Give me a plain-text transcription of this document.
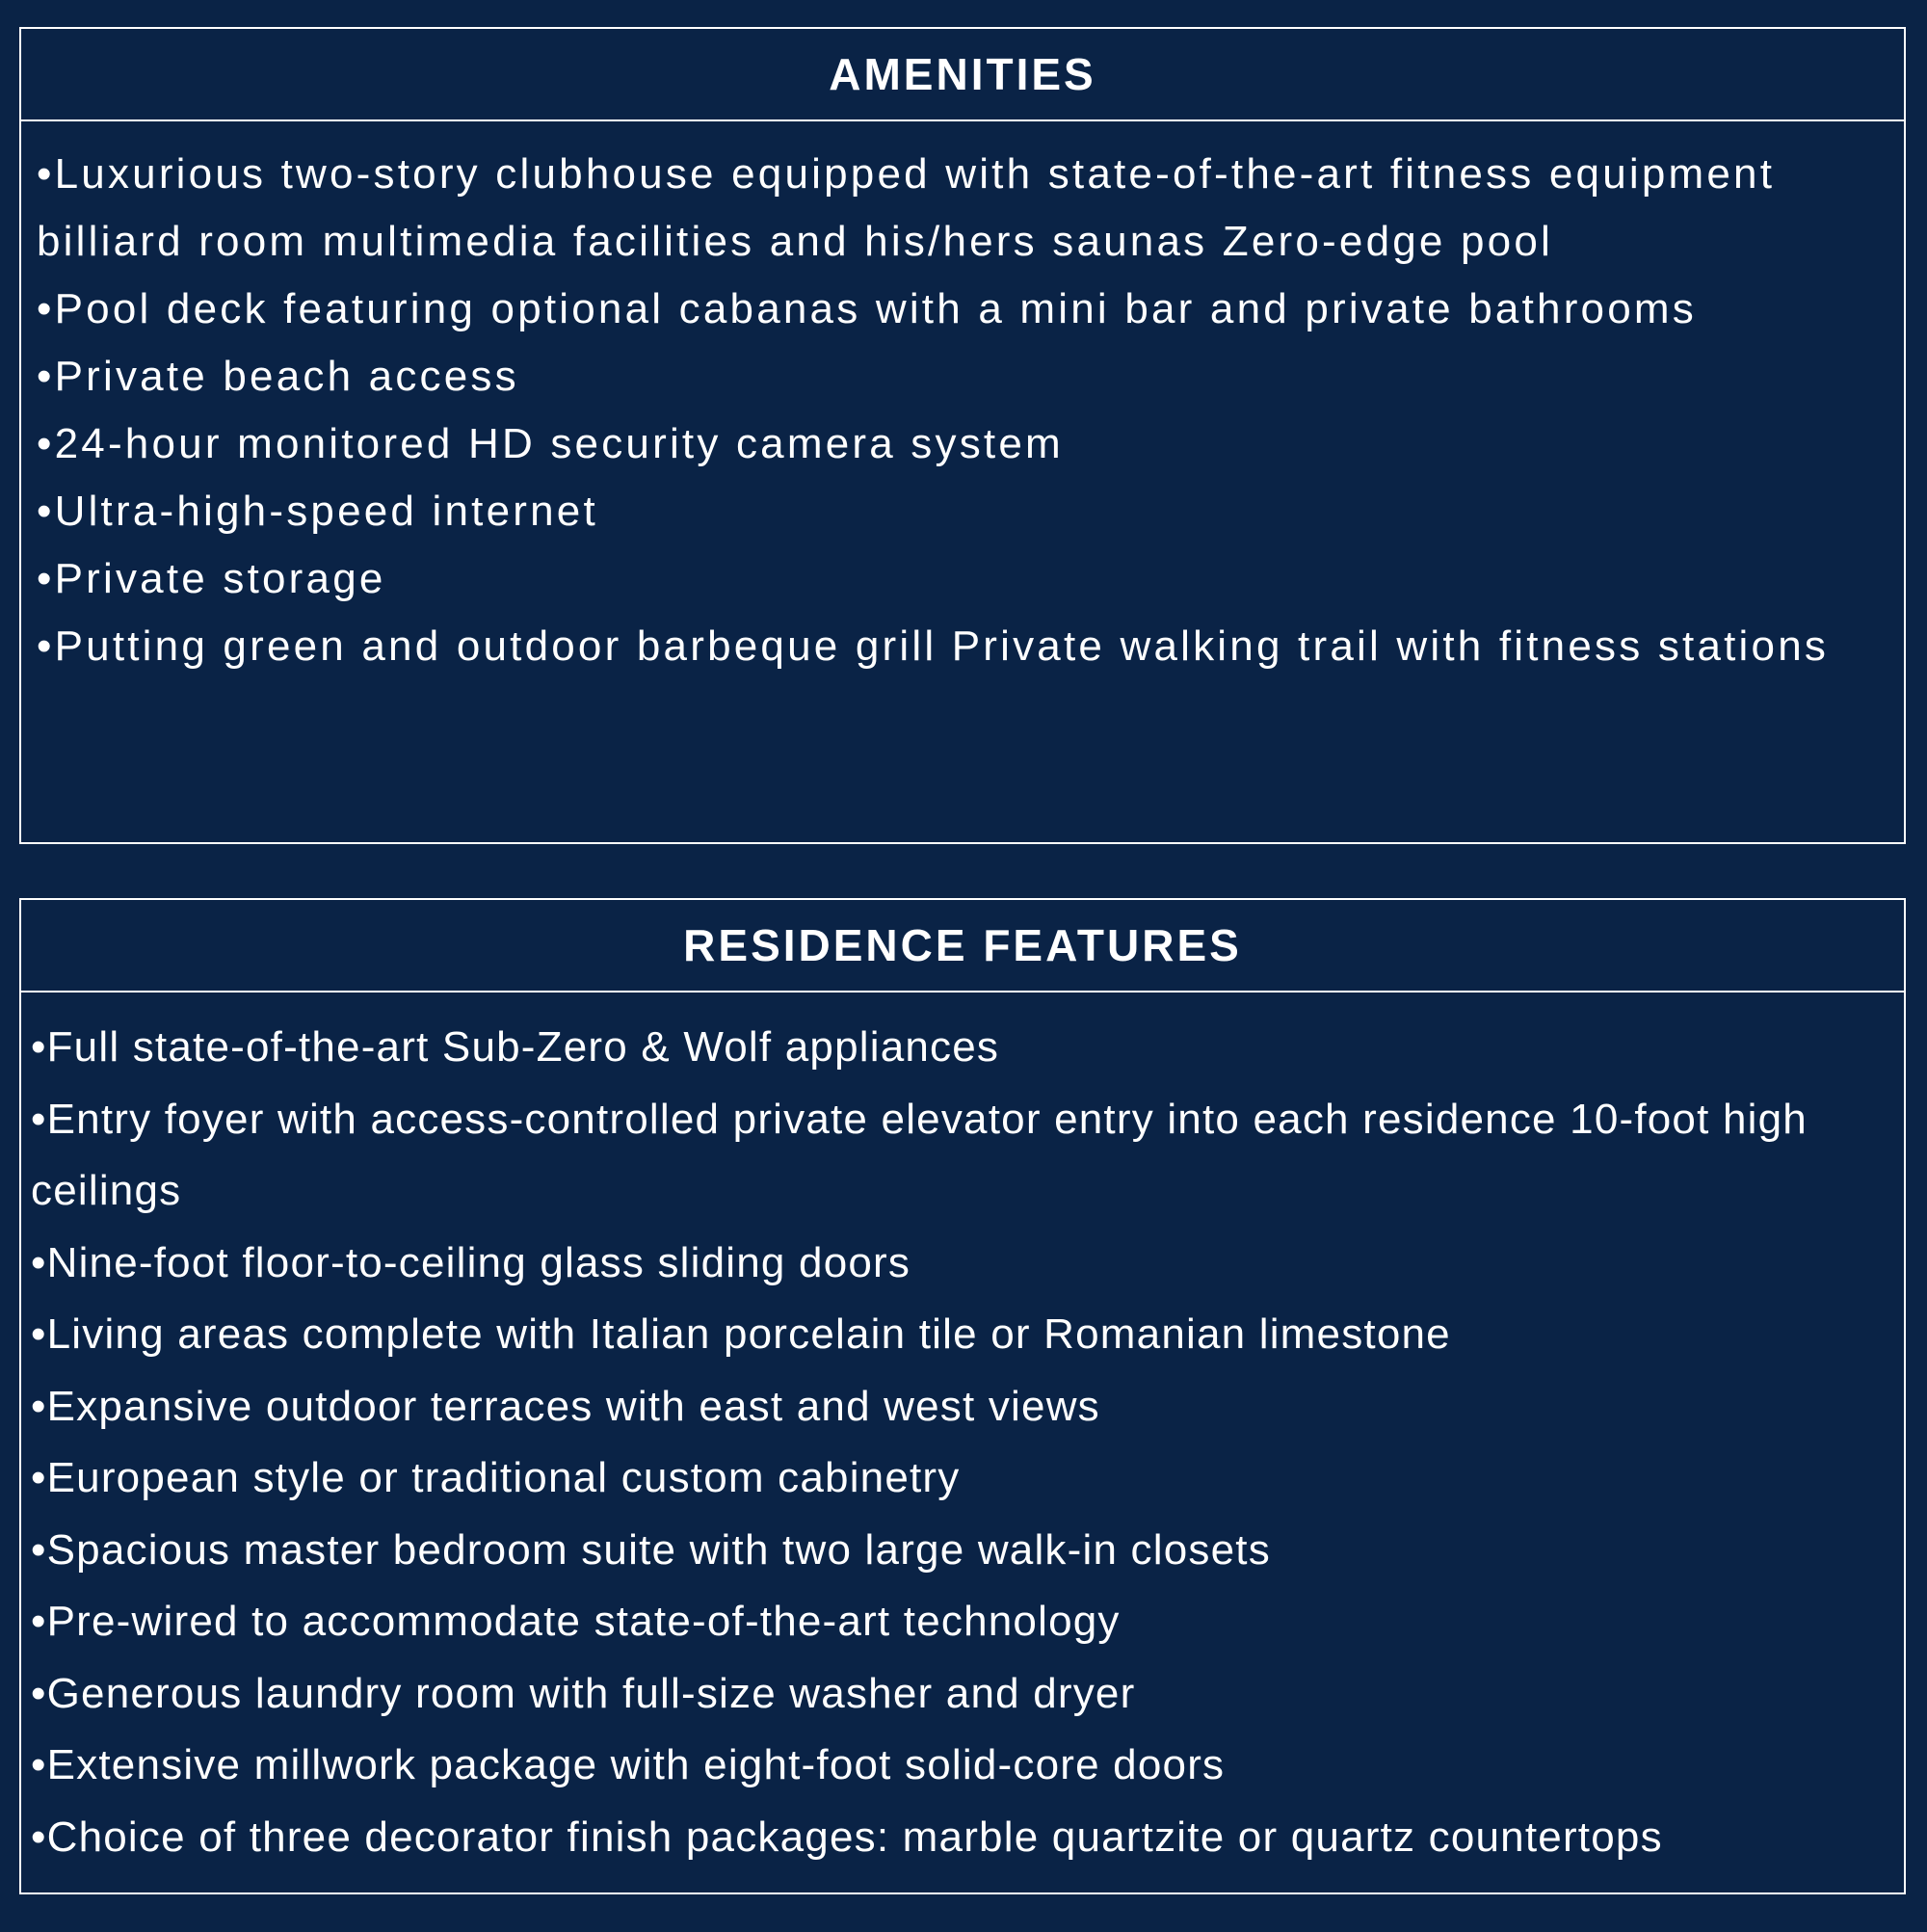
AMENITIES
•Luxurious two-story clubhouse equipped with state-of-the-art fitness equipment billiard room multimedia facilities and his/hers saunas Zero-edge pool
•Pool deck featuring optional cabanas with a mini bar and private bathrooms
•Private beach access
•24-hour monitored HD security camera system
•Ultra-high-speed internet
•Private storage
•Putting green and outdoor barbeque grill Private walking trail with fitness stations
RESIDENCE FEATURES
•Full state-of-the-art Sub-Zero & Wolf appliances
•Entry foyer with access-controlled private elevator entry into each residence 10-foot high ceilings
•Nine-foot floor-to-ceiling glass sliding doors
•Living areas complete with Italian porcelain tile or Romanian limestone
•Expansive outdoor terraces with east and west views
•European style or traditional custom cabinetry
•Spacious master bedroom suite with two large walk-in closets
•Pre-wired to accommodate state-of-the-art technology
•Generous laundry room with full-size washer and dryer
•Extensive millwork package with eight-foot solid-core doors
•Choice of three decorator finish packages: marble quartzite or quartz countertops
